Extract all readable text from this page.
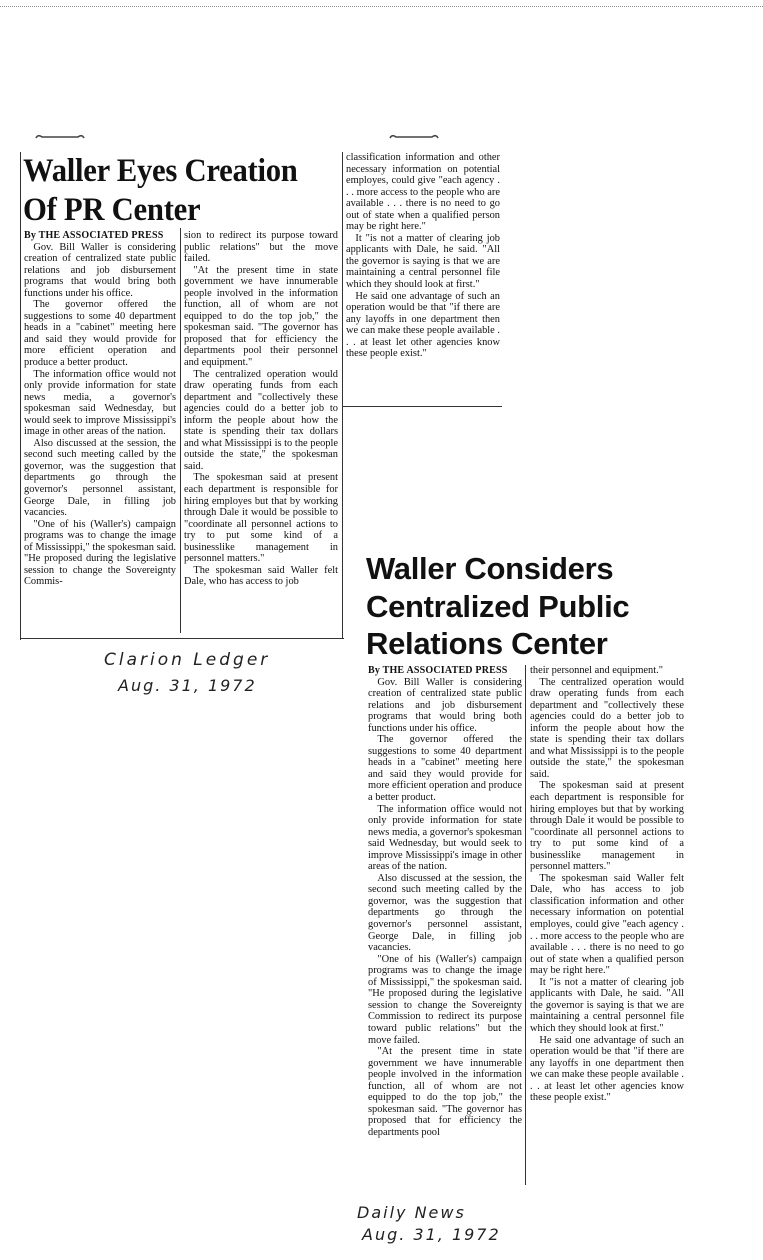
Waller Eyes Creation
Of PR Center

By THE ASSOCIATED PRESS

Gov. Bill Waller is considering creation of centralized state public relations and job disbursement programs that would bring both functions under his office.

The governor offered the suggestions to some 40 department heads in a "cabinet" meeting here and said they would provide for more efficient operation and produce a better product.

The information office would not only provide information for state news media, a governor's spokesman said Wednesday, but would seek to improve Mississippi's image in other areas of the nation.

Also discussed at the session, the second such meeting called by the governor, was the suggestion that departments go through the governor's personnel assistant, George Dale, in filling job vacancies.

"One of his (Waller's) campaign programs was to change the image of Mississippi," the spokesman said. "He proposed during the legislative session to change the Sovereignty Commis-

sion to redirect its purpose toward public relations" but the move failed.

"At the present time in state government we have innumerable people involved in the information function, all of whom are not equipped to do the top job," the spokesman said. "The governor has proposed that for efficiency the departments pool their personnel and equipment."

The centralized operation would draw operating funds from each department and "collectively these agencies could do a better job to inform the people about how the state is spending their tax dollars and what Mississippi is to the people outside the state," the spokesman said.

The spokesman said at present each department is responsible for hiring employes but that by working through Dale it would be possible to "coordinate all personnel actions to try to put some kind of a businesslike management in personnel matters."

The spokesman said Waller felt Dale, who has access to job

classification information and other necessary information on potential employes, could give "each agency . . . more access to the people who are available . . . there is no need to go out of state when a qualified person may be right here."

It "is not a matter of clearing job applicants with Dale, he said. "All the governor is saying is that we are maintaining a central personnel file which they should look at first."

He said one advantage of such an operation would be that "if there are any layoffs in one department then we can make these people available . . . at least let other agencies know these people exist."

Clarion Ledger
Aug. 31, 1972
Waller Considers
Centralized Public
Relations Center

By THE ASSOCIATED PRESS

Gov. Bill Waller is considering creation of centralized state public relations and job disbursement programs that would bring both functions under his office.

The governor offered the suggestions to some 40 department heads in a "cabinet" meeting here and said they would provide for more efficient operation and produce a better product.

The information office would not only provide information for state news media, a governor's spokesman said Wednesday, but would seek to improve Mississippi's image in other areas of the nation.

Also discussed at the session, the second such meeting called by the governor, was the suggestion that departments go through the governor's personnel assistant, George Dale, in filling job vacancies.

"One of his (Waller's) campaign programs was to change the image of Mississippi," the spokesman said. "He proposed during the legislative session to change the Sovereignty Commission to redirect its purpose toward public relations" but the move failed.

"At the present time in state government we have innumerable people involved in the information function, all of whom are not equipped to do the top job," the spokesman said. "The governor has proposed that for efficiency the departments pool

their personnel and equipment."

The centralized operation would draw operating funds from each department and "collectively these agencies could do a better job to inform the people about how the state is spending their tax dollars and what Mississippi is to the people outside the state," the spokesman said.

The spokesman said at present each department is responsible for hiring employes but that by working through Dale it would be possible to "coordinate all personnel actions to try to put some kind of a businesslike management in personnel matters."

The spokesman said Waller felt Dale, who has access to job classification information and other necessary information on potential employes, could give "each agency . . . more access to the people who are available . . . there is no need to go out of state when a qualified person may be right here."

It "is not a matter of clearing job applicants with Dale, he said. "All the governor is saying is that we are maintaining a central personnel file which they should look at first."

He said one advantage of such an operation would be that "if there are any layoffs in one department then we can make these people available . . . at least let other agencies know these people exist."

Daily News
Aug. 31, 1972
